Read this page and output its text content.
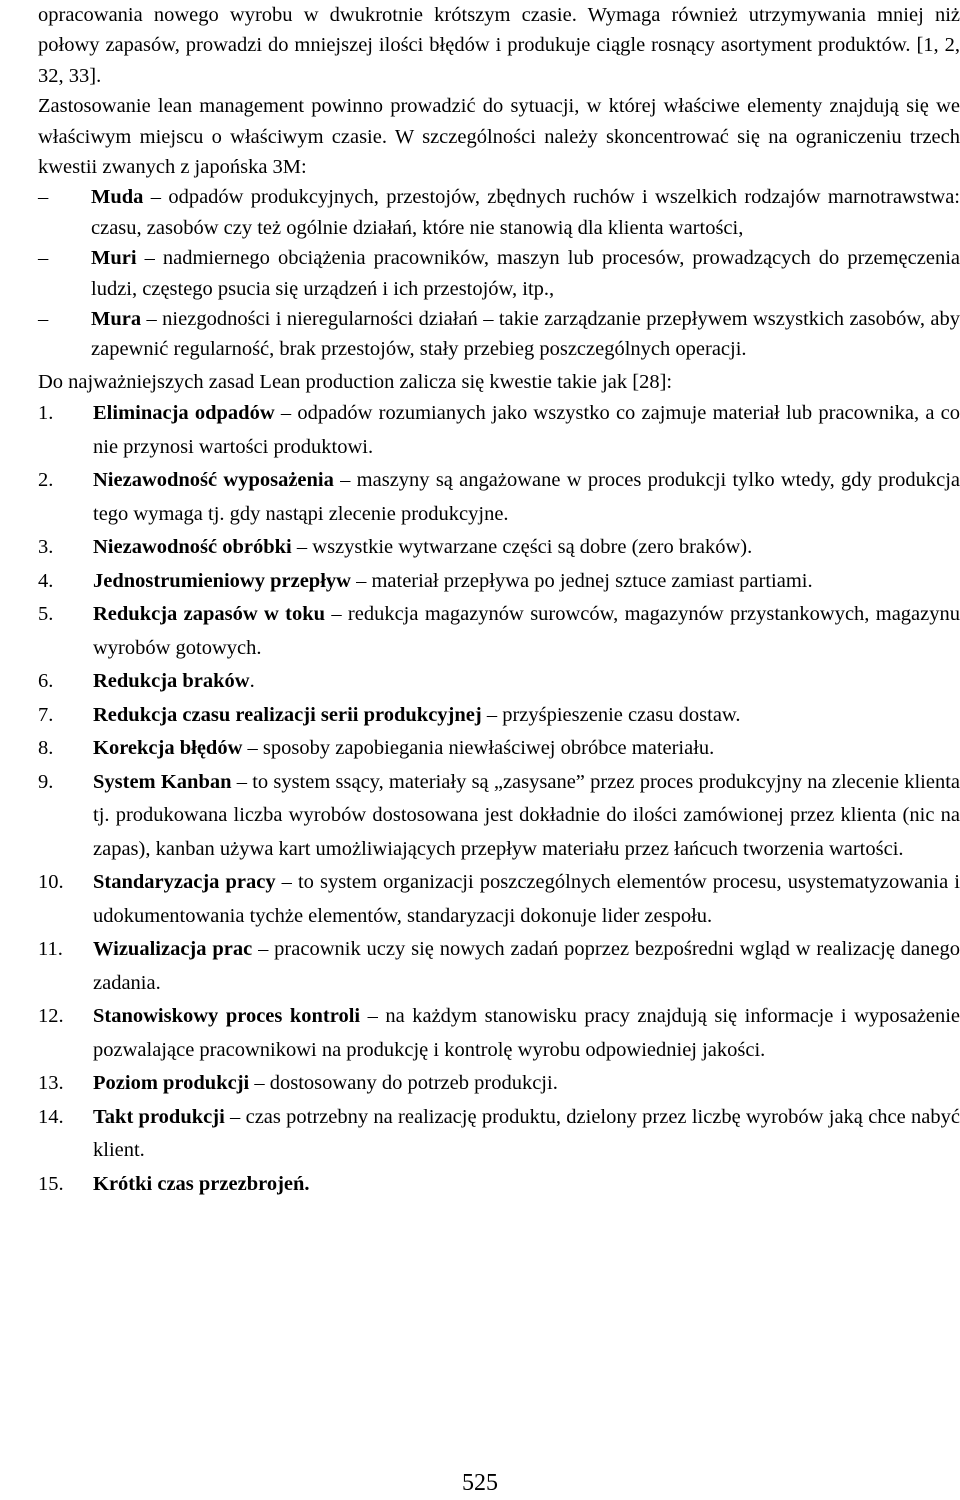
opracowania nowego wyrobu w dwukrotnie krótszym czasie. Wymaga również utrzymywania mniej niż połowy zapasów, prowadzi do mniejszej ilości błędów i produkuje ciągle rosnący asortyment produktów. [1, 2, 32, 33].
Zastosowanie lean management powinno prowadzić do sytuacji, w której właściwe elementy znajdują się we właściwym miejscu o właściwym czasie. W szczególności należy skoncentrować się na ograniczeniu trzech kwestii zwanych z japońska 3M:
–	Muda – odpadów produkcyjnych, przestojów, zbędnych ruchów i wszelkich rodzajów marnotrawstwa: czasu, zasobów czy też ogólnie działań, które nie stanowią dla klienta wartości,
–	Muri – nadmiernego obciążenia pracowników, maszyn lub procesów, prowadzących do przemęczenia ludzi, częstego psucia się urządzeń i ich przestojów, itp.,
–	Mura – niezgodności i nieregularności działań – takie zarządzanie przepływem wszystkich zasobów, aby zapewnić regularność, brak przestojów, stały przebieg poszczególnych operacji.
Do najważniejszych zasad Lean production zalicza się kwestie takie jak [28]:
1.	Eliminacja odpadów – odpadów rozumianych jako wszystko co zajmuje materiał lub pracownika, a co nie przynosi wartości produktowi.
2.	Niezawodność wyposażenia – maszyny są angażowane w proces produkcji tylko wtedy, gdy produkcja tego wymaga tj. gdy nastąpi zlecenie produkcyjne.
3.	Niezawodność obróbki – wszystkie wytwarzane części są dobre (zero braków).
4.	Jednostrumieniowy przepływ – materiał przepływa po jednej sztuce zamiast partiami.
5.	Redukcja zapasów w toku – redukcja magazynów surowców, magazynów przystankowych, magazynu wyrobów gotowych.
6.	Redukcja braków.
7.	Redukcja czasu realizacji serii produkcyjnej – przyśpieszenie czasu dostaw.
8.	Korekcja błędów – sposoby zapobiegania niewłaściwej obróbce materiału.
9.	System Kanban – to system ssący, materiały są „zasysane” przez proces produkcyjny na zlecenie klienta tj. produkowana liczba wyrobów dostosowana jest dokładnie do ilości zamówionej przez klienta (nic na zapas), kanban używa kart umożliwiających przepływ materiału przez łańcuch tworzenia wartości.
10.	Standaryzacja pracy – to system organizacji poszczególnych elementów procesu, usystematyzowania i udokumentowania tychże elementów, standaryzacji dokonuje lider zespołu.
11.	Wizualizacja prac – pracownik uczy się nowych zadań poprzez bezpośredni wgląd w realizację danego zadania.
12.	Stanowiskowy proces kontroli – na każdym stanowisku pracy znajdują się informacje i wyposażenie pozwalające pracownikowi na produkcję i kontrolę wyrobu odpowiedniej jakości.
13.	Poziom produkcji – dostosowany do potrzeb produkcji.
14.	Takt produkcji – czas potrzebny na realizację produktu, dzielony przez liczbę wyrobów jaką chce nabyć klient.
15.	Krótki czas przezbrojeń.
525
